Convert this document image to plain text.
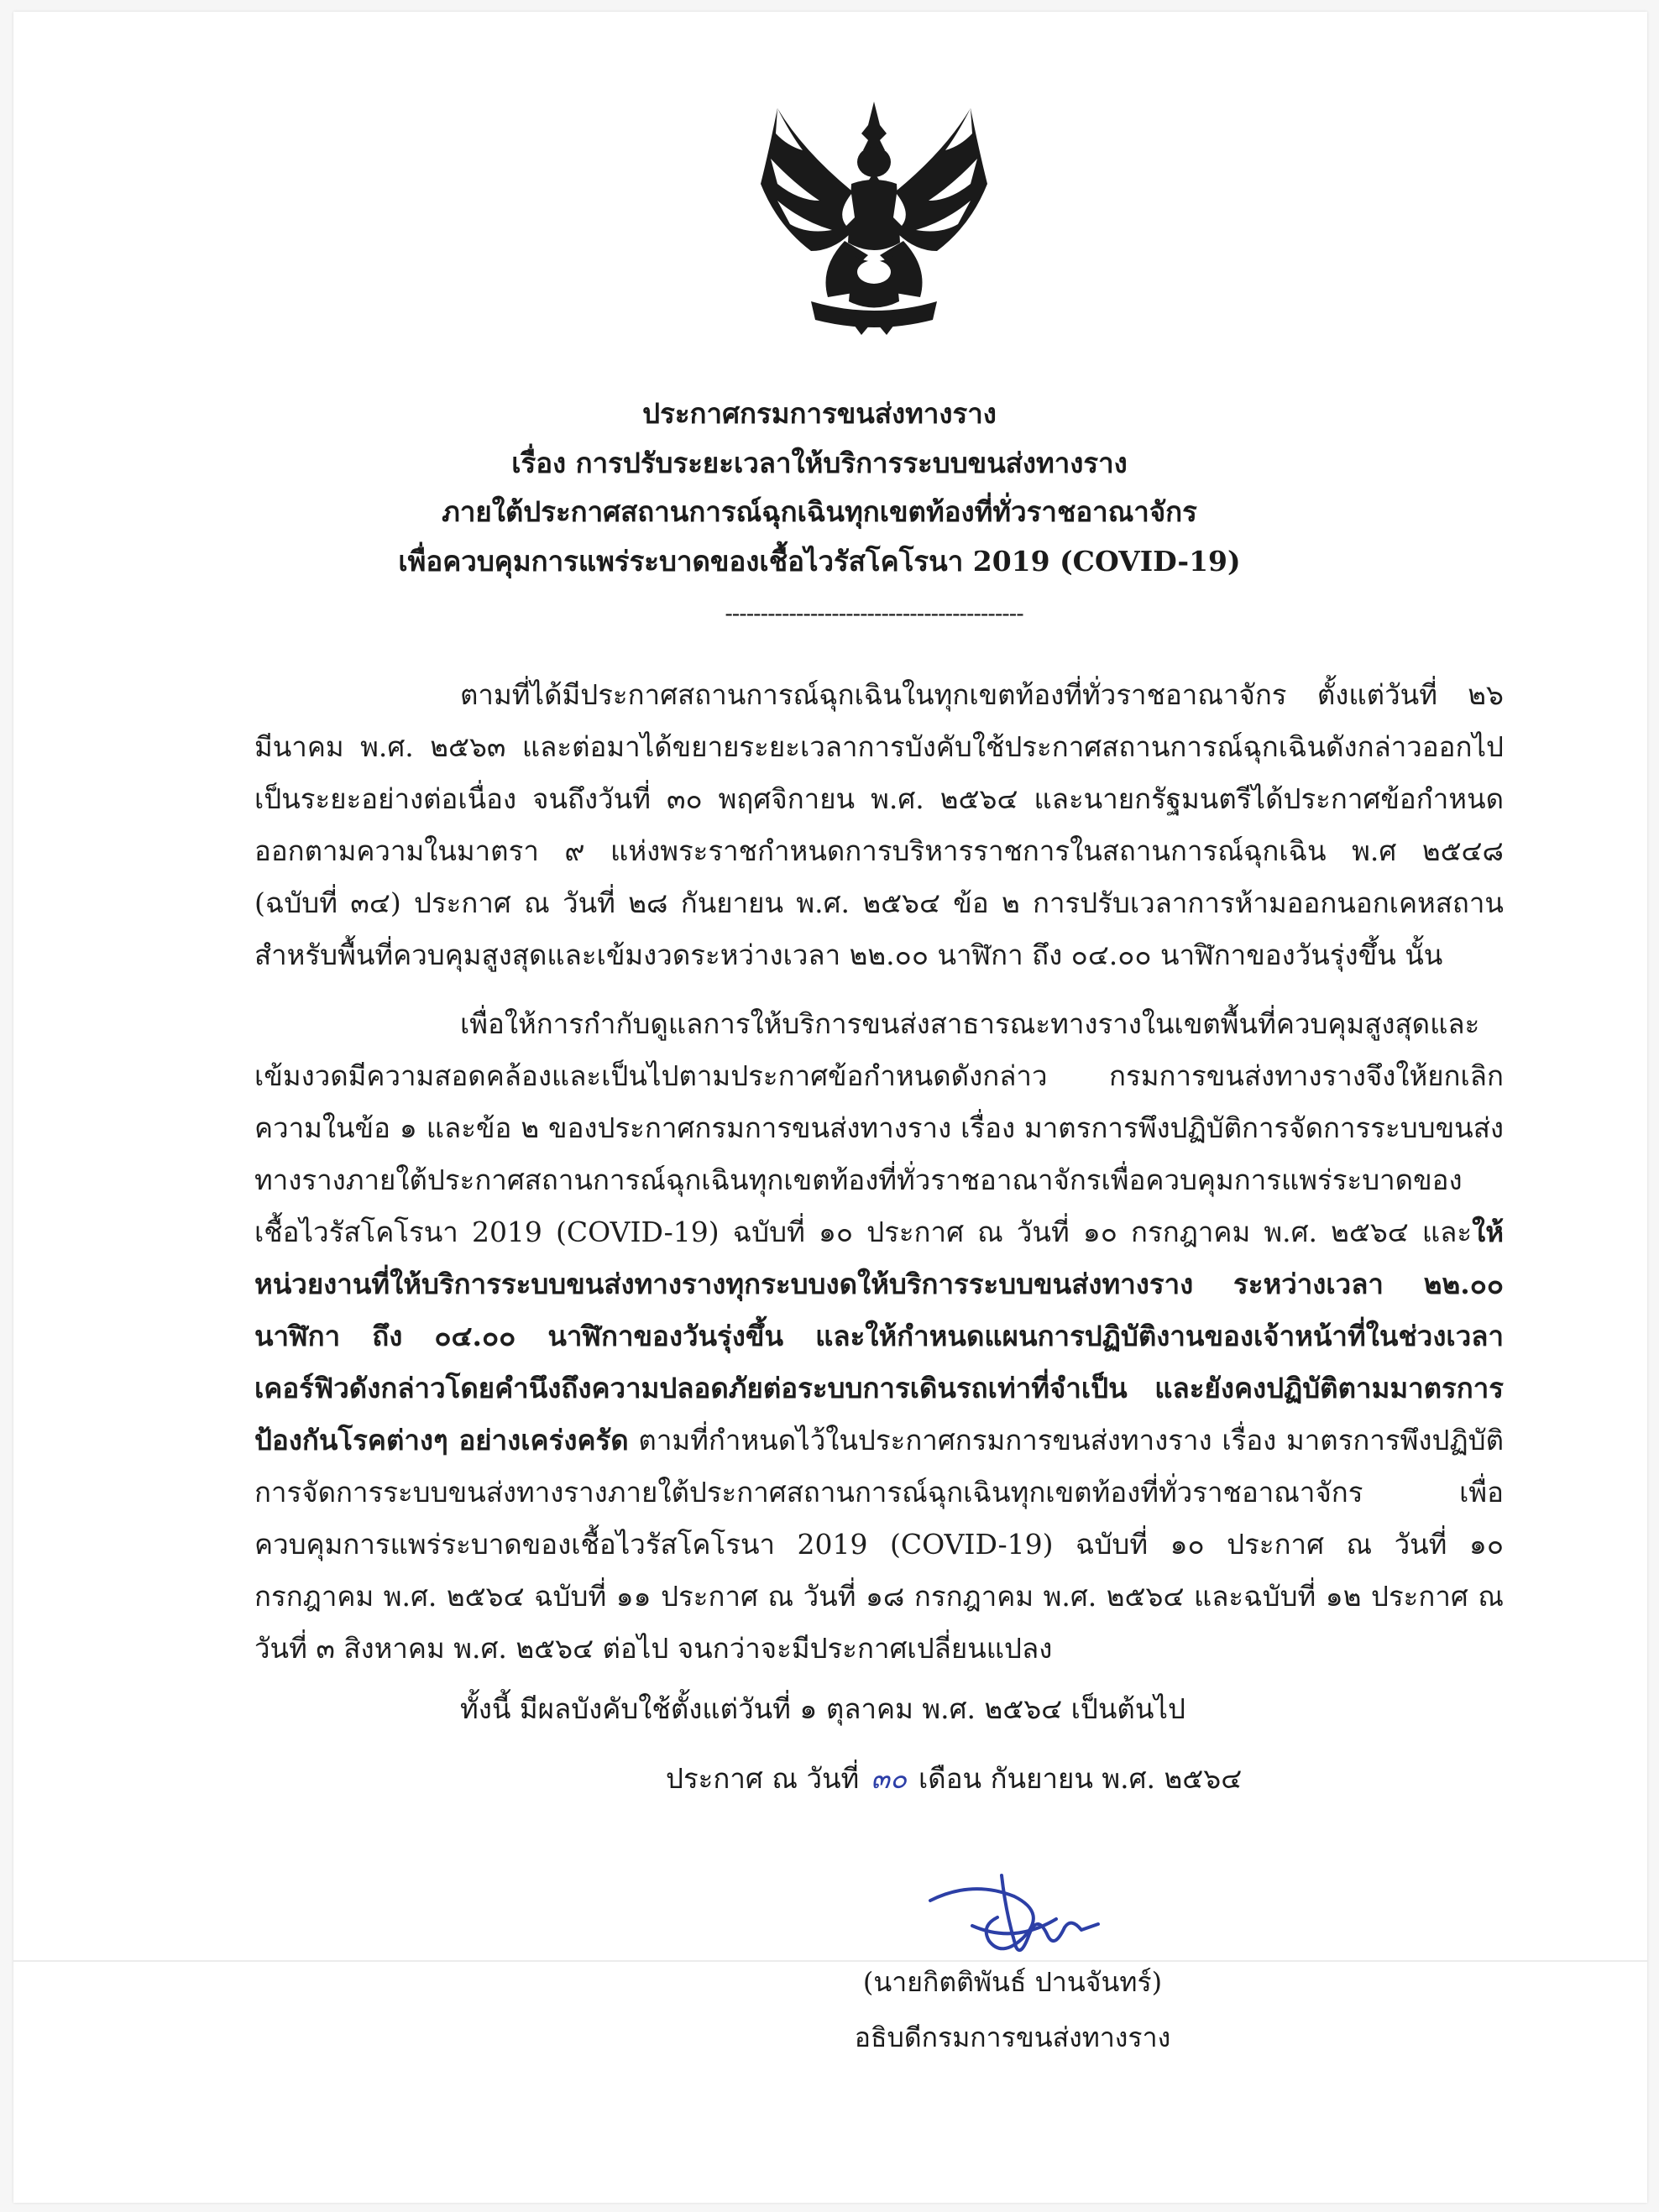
ประกาศกรมการขนส่งทางราง
เรื่อง การปรับระยะเวลาให้บริการระบบขนส่งทางราง
ภายใต้ประกาศสถานการณ์ฉุกเฉินทุกเขตท้องที่ทั่วราชอาณาจักร
เพื่อควบคุมการแพร่ระบาดของเชื้อไวรัสโคโรนา 2019 (COVID-19)
------------------------------------------

ตามที่ได้มีประกาศสถานการณ์ฉุกเฉินในทุกเขตท้องที่ทั่วราชอาณาจักร ตั้งแต่วันที่ ๒๖ มีนาคม พ.ศ. ๒๕๖๓ และต่อมาได้ขยายระยะเวลาการบังคับใช้ประกาศสถานการณ์ฉุกเฉินดังกล่าวออกไปเป็นระยะอย่างต่อเนื่อง จนถึงวันที่ ๓๐ พฤศจิกายน พ.ศ. ๒๕๖๔ และนายกรัฐมนตรีได้ประกาศข้อกำหนดออกตามความในมาตรา ๙ แห่งพระราชกำหนดการบริหารราชการในสถานการณ์ฉุกเฉิน พ.ศ ๒๕๔๘ (ฉบับที่ ๓๔) ประกาศ ณ วันที่ ๒๘ กันยายน พ.ศ. ๒๕๖๔ ข้อ ๒ การปรับเวลาการห้ามออกนอกเคหสถานสำหรับพื้นที่ควบคุมสูงสุดและเข้มงวดระหว่างเวลา ๒๒.๐๐ นาฬิกา ถึง ๐๔.๐๐ นาฬิกาของวันรุ่งขึ้น นั้น

เพื่อให้การกำกับดูแลการให้บริการขนส่งสาธารณะทางรางในเขตพื้นที่ควบคุมสูงสุดและเข้มงวดมีความสอดคล้องและเป็นไปตามประกาศข้อกำหนดดังกล่าว กรมการขนส่งทางรางจึงให้ยกเลิกความในข้อ ๑ และข้อ ๒ ของประกาศกรมการขนส่งทางราง เรื่อง มาตรการพึงปฏิบัติการจัดการระบบขนส่งทางรางภายใต้ประกาศสถานการณ์ฉุกเฉินทุกเขตท้องที่ทั่วราชอาณาจักรเพื่อควบคุมการแพร่ระบาดของเชื้อไวรัสโคโรนา 2019 (COVID-19) ฉบับที่ ๑๐ ประกาศ ณ วันที่ ๑๐ กรกฎาคม พ.ศ. ๒๕๖๔ และให้หน่วยงานที่ให้บริการระบบขนส่งทางรางทุกระบบงดให้บริการระบบขนส่งทางราง ระหว่างเวลา ๒๒.๐๐ นาฬิกา ถึง ๐๔.๐๐ นาฬิกาของวันรุ่งขึ้น และให้กำหนดแผนการปฏิบัติงานของเจ้าหน้าที่ในช่วงเวลาเคอร์ฟิวดังกล่าวโดยคำนึงถึงความปลอดภัยต่อระบบการเดินรถเท่าที่จำเป็น และยังคงปฏิบัติตามมาตรการป้องกันโรคต่างๆ อย่างเคร่งครัด ตามที่กำหนดไว้ในประกาศกรมการขนส่งทางราง เรื่อง มาตรการพึงปฏิบัติการจัดการระบบขนส่งทางรางภายใต้ประกาศสถานการณ์ฉุกเฉินทุกเขตท้องที่ทั่วราชอาณาจักร เพื่อควบคุมการแพร่ระบาดของเชื้อไวรัสโคโรนา 2019 (COVID-19) ฉบับที่ ๑๐ ประกาศ ณ วันที่ ๑๐ กรกฎาคม พ.ศ. ๒๕๖๔ ฉบับที่ ๑๑ ประกาศ ณ วันที่ ๑๘ กรกฎาคม พ.ศ. ๒๕๖๔ และฉบับที่ ๑๒ ประกาศ ณ วันที่ ๓ สิงหาคม พ.ศ. ๒๕๖๔ ต่อไป จนกว่าจะมีประกาศเปลี่ยนแปลง

ทั้งนี้ มีผลบังคับใช้ตั้งแต่วันที่ ๑ ตุลาคม พ.ศ. ๒๕๖๔ เป็นต้นไป
ประกาศ ณ วันที่ ๓๐ เดือน กันยายน พ.ศ. ๒๕๖๔
(นายกิตติพันธ์ ปานจันทร์)
อธิบดีกรมการขนส่งทางราง
